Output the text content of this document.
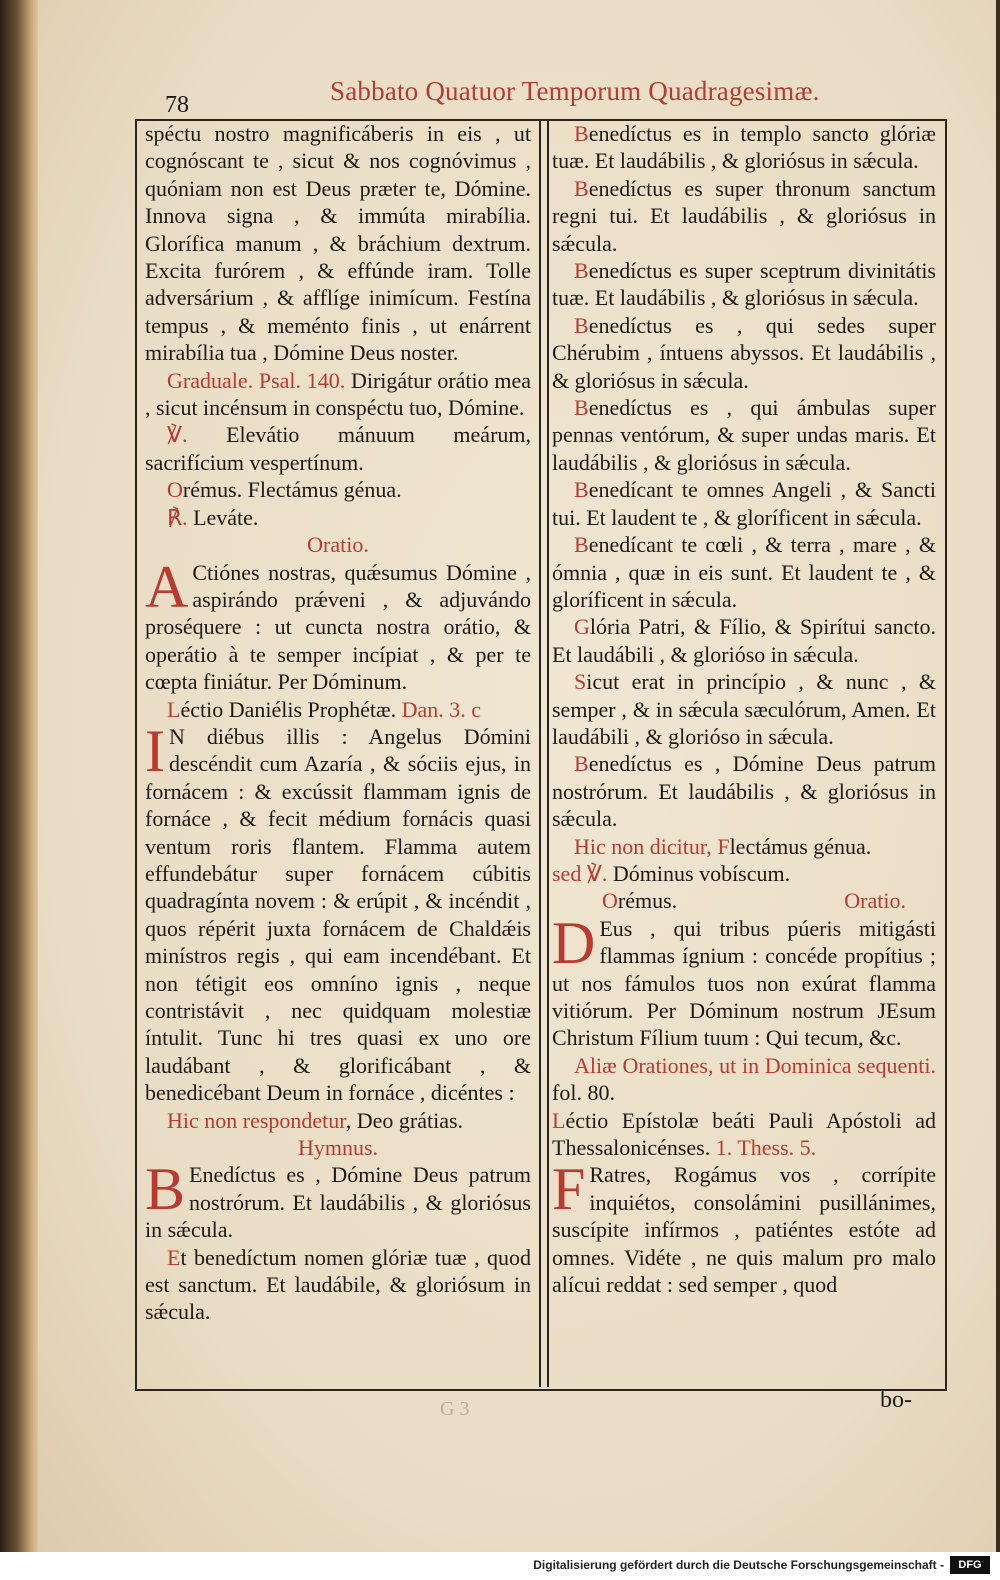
78	Sabbato Quatuor Temporum Quadragesimæ.

spéctu nostro magnificáberis in eis , ut cognóscant te , sicut & nos cognóvimus , quóniam non est Deus præter te, Dómine. Innova signa , & immúta mirabília. Glorífica manum , & bráchium dextrum. Excita furórem , & effúnde iram. Tolle adversárium , & afflíge inimícum. Festína tempus , & meménto finis , ut enárrent mirabília tua , Dómine Deus noster.

Graduale. Psal. 140. Dirigátur orátio mea , sicut incénsum in conspéctu tuo, Dómine.

℣. Elevátio mánuum meárum, sacrifícium vespertínum.

Orémus. Flectámus génua.

℟. Leváte.

Oratio.

A Ctiónes nostras, quǽsumus Dómine , aspirándo prǽveni , & adjuvándo proséquere : ut cuncta nostra orátio, & operátio à te semper incípiat , & per te cœpta finiátur. Per Dóminum.

Léctio Daniélis Prophétæ. Dan. 3. c

I N diébus illis : Angelus Dómini descéndit cum Azaría , & sóciis ejus, in fornácem : & excússit flammam ignis de fornáce , & fecit médium fornácis quasi ventum roris flantem. Flamma autem effundebátur super fornácem cúbitis quadragínta novem : & erúpit , & incéndit , quos répérit juxta fornácem de Chaldǽis minístros regis , qui eam incendébant. Et non tétigit eos omníno ignis , neque contristávit , nec quidquam molestiæ íntulit. Tunc hi tres quasi ex uno ore laudábant , & glorificábant , & benedicébant Deum in fornáce , dicéntes :

Hic non respondetur, Deo grátias.

Hymnus.

B Enedíctus es , Dómine Deus patrum nostrórum. Et laudábilis , & gloriósus in sǽcula.

Et benedíctum nomen glóriæ tuæ , quod est sanctum. Et laudábile, & gloriósum in sǽcula.

Benedíctus es in templo sancto glóriæ tuæ. Et laudábilis , & gloriósus in sǽcula.

Benedíctus es super thronum sanctum regni tui. Et laudábilis , & gloriósus in sǽcula.

Benedíctus es super sceptrum divinitátis tuæ. Et laudábilis , & gloriósus in sǽcula.

Benedíctus es , qui sedes super Chérubim , íntuens abyssos. Et laudábilis , & gloriósus in sǽcula.

Benedíctus es , qui ámbulas super pennas ventórum, & super undas maris. Et laudábilis , & gloriósus in sǽcula.

Benedícant te omnes Angeli , & Sancti tui. Et laudent te , & gloríficent in sǽcula.

Benedícant te cœli , & terra , mare , & ómnia , quæ in eis sunt. Et laudent te , & gloríficent in sǽcula.

Glória Patri, & Fílio, & Spirítui sancto. Et laudábili , & glorióso in sǽcula.

Sicut erat in princípio , & nunc , & semper , & in sǽcula sæculórum, Amen. Et laudábili , & glorióso in sǽcula.

Benedíctus es , Dómine Deus patrum nostrórum. Et laudábilis , & gloriósus in sǽcula.

Hic non dicitur, Flectámus génua.

sed ℣. Dóminus vobíscum.

Orémus.	Oratio.

D Eus , qui tribus púeris mitigásti flammas ígnium : concéde propítius ; ut nos fámulos tuos non exúrat flamma vitiórum. Per Dóminum nostrum JEsum Christum Fílium tuum : Qui tecum, &c.

Aliæ Orationes, ut in Dominica sequenti. fol. 80.

Léctio Epístolæ beáti Pauli Apóstoli ad Thessalonicénses. 1. Thess. 5.

F Ratres, Rogámus vos , corrípite inquiétos, consolámini pusillánimes, suscípite infírmos , patiéntes estóte ad omnes. Vidéte , ne quis malum pro malo alícui reddat : sed semper , quod

G 3	bo-
Digitalisierung gefördert durch die Deutsche Forschungsgemeinschaft -	DFG
